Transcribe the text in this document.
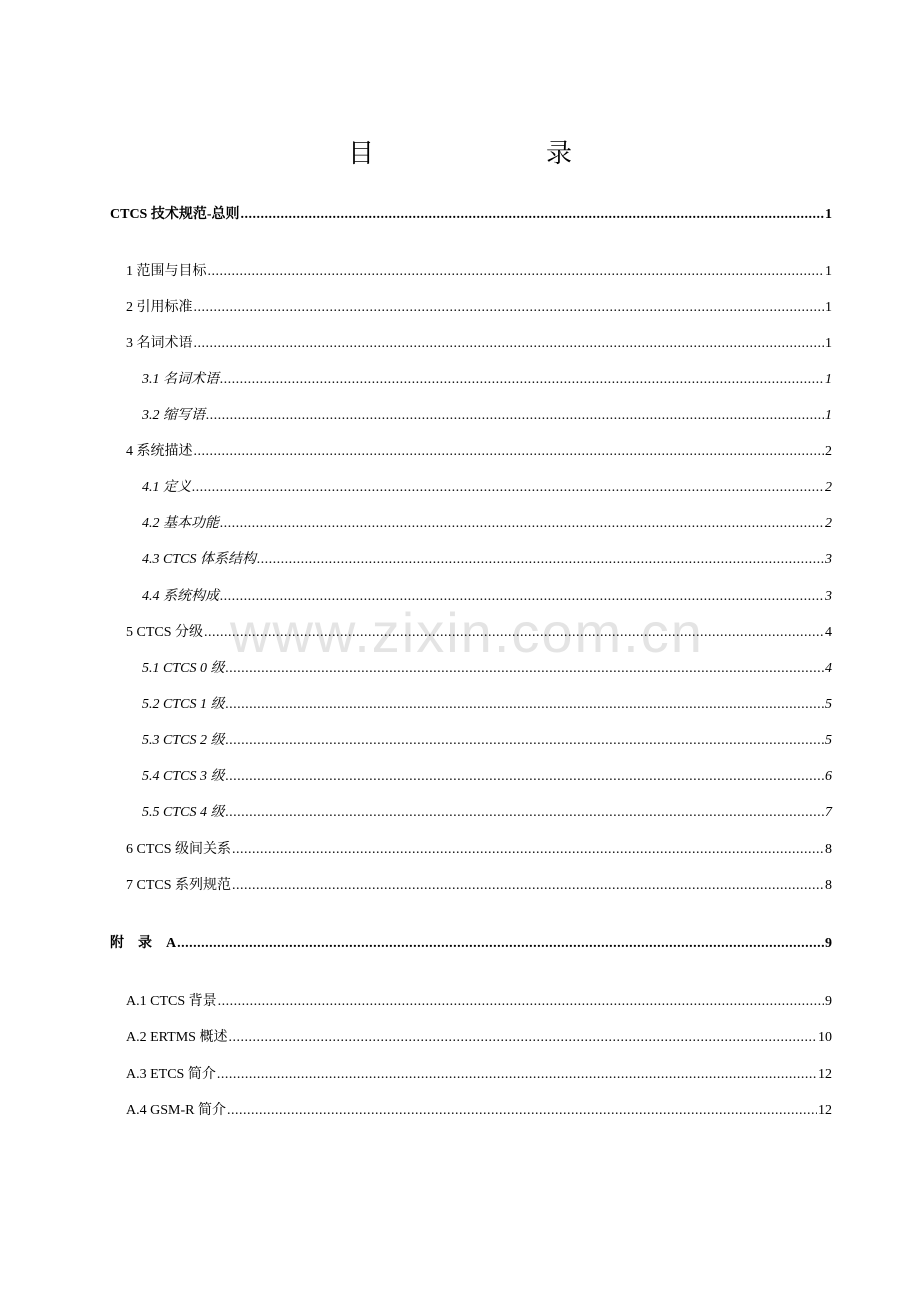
www.zixin.com.cn
目　　录
CTCS 技术规范-总则 .....	1
1 范围与目标 .....	1
2 引用标准 .....	1
3 名词术语 .....	1
3.1 名词术语 .....	1
3.2 缩写语 .....	1
4 系统描述 .....	2
4.1 定义 .....	2
4.2 基本功能 .....	2
4.3 CTCS 体系结构 .....	3
4.4 系统构成 .....	3
5 CTCS 分级 .....	4
5.1 CTCS 0 级 .....	4
5.2 CTCS 1 级 .....	5
5.3 CTCS 2 级 .....	5
5.4 CTCS 3 级 .....	6
5.5 CTCS 4 级 .....	7
6 CTCS 级间关系 .....	8
7 CTCS 系列规范 .....	8
附　录　A .....	9
A.1 CTCS 背景 .....	9
A.2 ERTMS 概述 .....	10
A.3 ETCS 简介 .....	12
A.4 GSM-R 简介 .....	12
